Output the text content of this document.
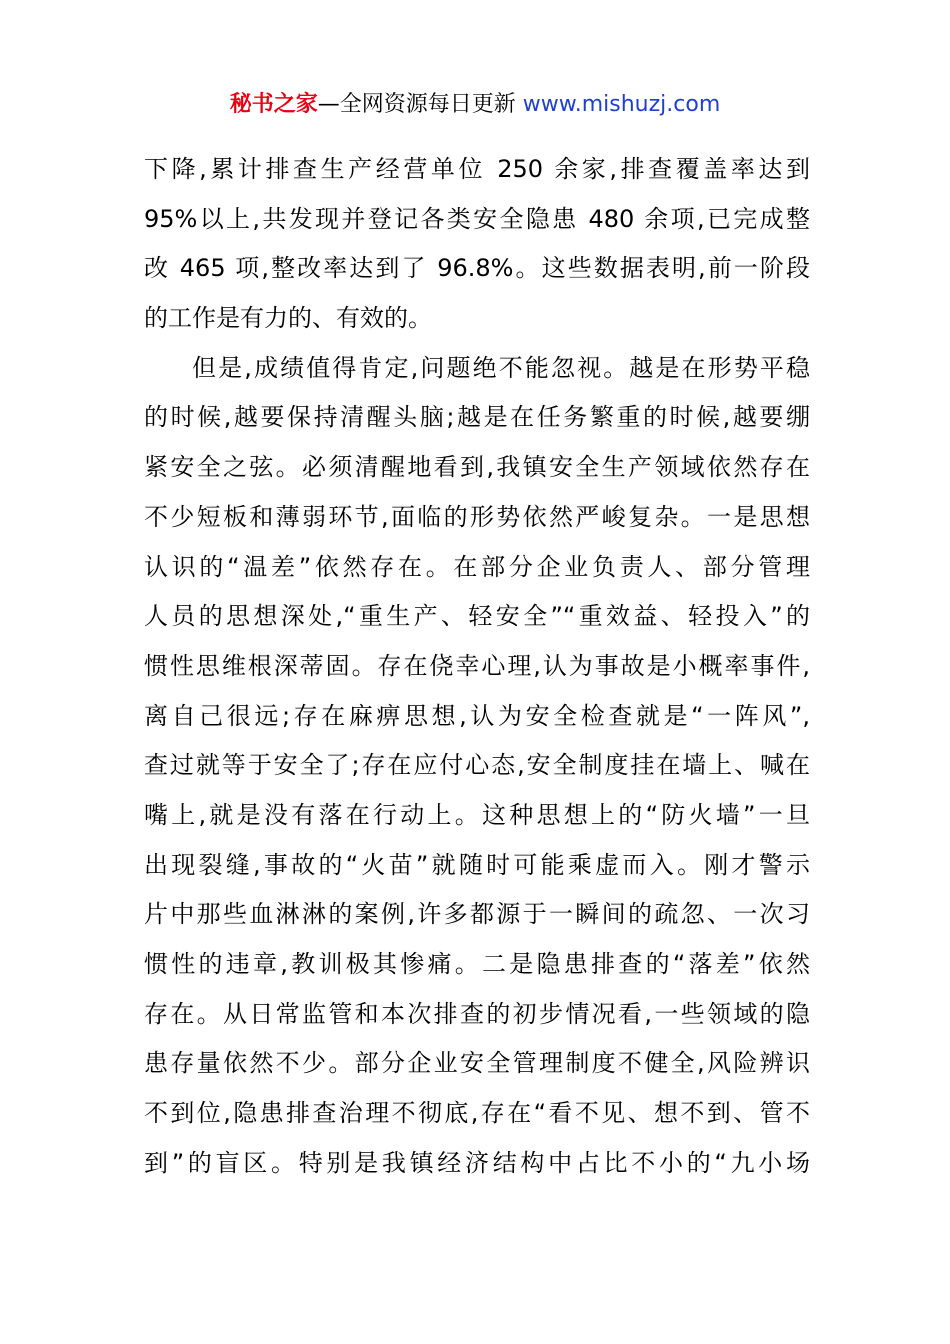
秘书之家—全网资源每日更新 www.mishuzj.com
下降,累计排查生产经营单位 250 余家,排查覆盖率达到
95%以上,共发现并登记各类安全隐患 480 余项,已完成整
改 465 项,整改率达到了 96.8%。这些数据表明,前一阶段
的工作是有力的、有效的。
但是,成绩值得肯定,问题绝不能忽视。越是在形势平稳
的时候,越要保持清醒头脑;越是在任务繁重的时候,越要绷
紧安全之弦。必须清醒地看到,我镇安全生产领域依然存在
不少短板和薄弱环节,面临的形势依然严峻复杂。一是思想
认识的“温差”依然存在。在部分企业负责人、部分管理
人员的思想深处,“重生产、轻安全”“重效益、轻投入”的
惯性思维根深蒂固。存在侥幸心理,认为事故是小概率事件,
离自己很远;存在麻痹思想,认为安全检查就是“一阵风”,
查过就等于安全了;存在应付心态,安全制度挂在墙上、喊在
嘴上,就是没有落在行动上。这种思想上的“防火墙”一旦
出现裂缝,事故的“火苗”就随时可能乘虚而入。刚才警示
片中那些血淋淋的案例,许多都源于一瞬间的疏忽、一次习
惯性的违章,教训极其惨痛。二是隐患排查的“落差”依然
存在。从日常监管和本次排查的初步情况看,一些领域的隐
患存量依然不少。部分企业安全管理制度不健全,风险辨识
不到位,隐患排查治理不彻底,存在“看不见、想不到、管不
到”的盲区。特别是我镇经济结构中占比不小的“九小场
